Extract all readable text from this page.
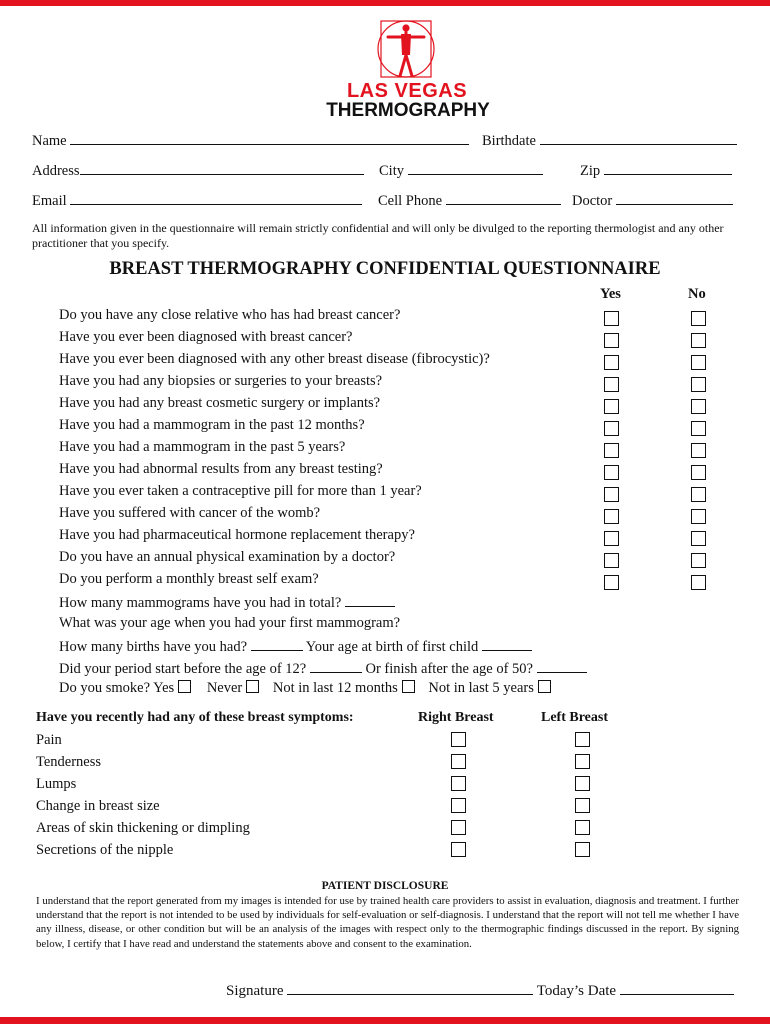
LAS VEGAS
THERMOGRAPHY
Name	Birthdate
Address	City	Zip
Email	Cell Phone	Doctor
All information given in the questionnaire will remain strictly confidential and will only be divulged to the reporting thermologist and any other practitioner that you specify.
BREAST THERMOGRAPHY CONFIDENTIAL QUESTIONNAIRE
Yes	No
Do you have any close relative who has had breast cancer?
Have you ever been diagnosed with breast cancer?
Have you ever been diagnosed with any other breast disease (fibrocystic)?
Have you had any biopsies or surgeries to your breasts?
Have you had any breast cosmetic surgery or implants?
Have you had a mammogram in the past 12 months?
Have you had a mammogram in the past 5 years?
Have you had abnormal results from any breast testing?
Have you ever taken a contraceptive pill for more than 1 year?
Have you suffered with cancer of the womb?
Have you had pharmaceutical hormone replacement therapy?
Do you have an annual physical examination by a doctor?
Do you perform a monthly breast self exam?
How many mammograms have you had in total?
What was your age when you had your first mammogram?
How many births have you had?	Your age at birth of first child
Did your period start before the age of 12?	Or finish after the age of 50?
Do you smoke? Yes Never Not in last 12 months Not in last 5 years
Have you recently had any of these breast symptoms:	Right Breast	Left Breast
Pain
Tenderness
Lumps
Change in breast size
Areas of skin thickening or dimpling
Secretions of the nipple
PATIENT DISCLOSURE
I understand that the report generated from my images is intended for use by trained health care providers to assist in evaluation, diagnosis and treatment. I further understand that the report is not intended to be used by individuals for self-evaluation or self-diagnosis. I understand that the report will not tell me whether I have any illness, disease, or other condition but will be an analysis of the images with respect only to the thermographic findings discussed in the report. By signing below, I certify that I have read and understand the statements above and consent to the examination.
Signature	Today’s Date
